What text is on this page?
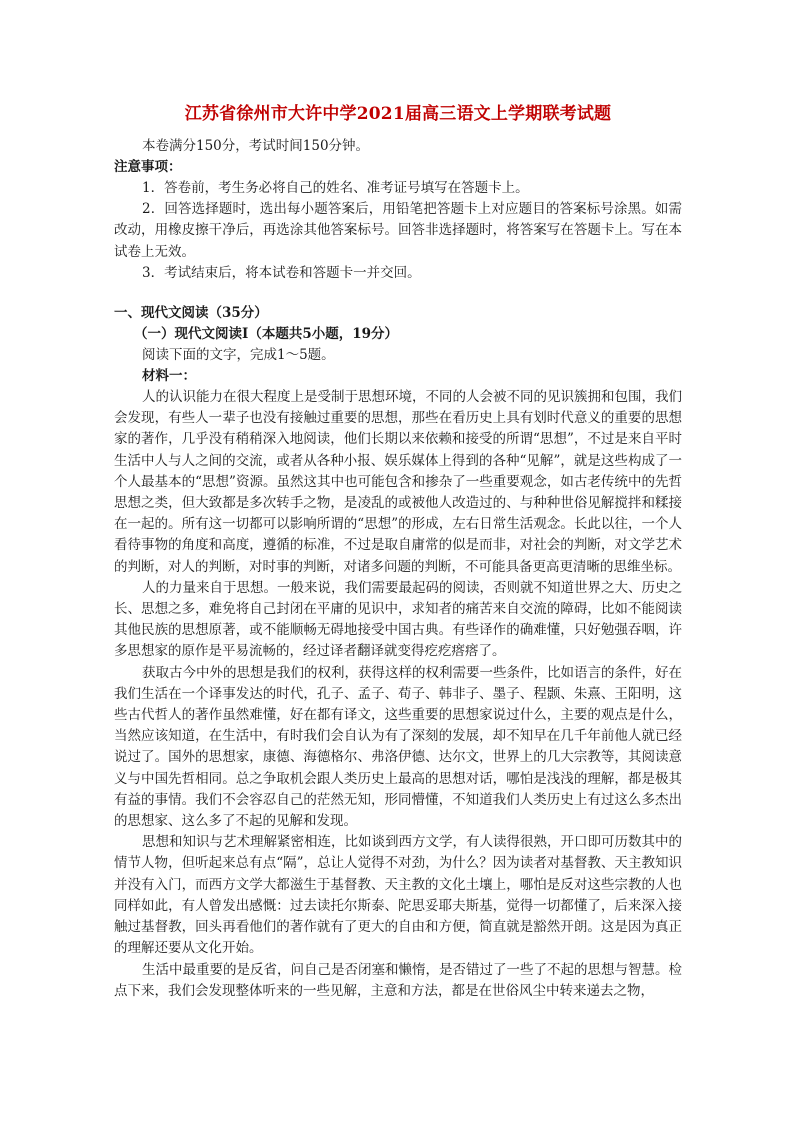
江苏省徐州市大许中学2021届高三语文上学期联考试题

本卷满分150分，考试时间150分钟。

注意事项：

1．答卷前，考生务必将自己的姓名、准考证号填写在答题卡上。

2．回答选择题时，选出每小题答案后，用铅笔把答题卡上对应题目的答案标号涂黑。如需改动，用橡皮擦干净后，再选涂其他答案标号。回答非选择题时，将答案写在答题卡上。写在本试卷上无效。

3．考试结束后，将本试卷和答题卡一并交回。

一、现代文阅读（35分）

（一）现代文阅读Ⅰ（本题共5小题，19分）

阅读下面的文字，完成1～5题。

材料一：

人的认识能力在很大程度上是受制于思想环境，不同的人会被不同的见识簇拥和包围，我们会发现，有些人一辈子也没有接触过重要的思想，那些在看历史上具有划时代意义的重要的思想家的著作，几乎没有稍稍深入地阅读，他们长期以来依赖和接受的所谓“思想”，不过是来自平时生活中人与人之间的交流，或者从各种小报、娱乐媒体上得到的各种“见解”，就是这些构成了一个人最基本的“思想”资源。虽然这其中也可能包含和掺杂了一些重要观念，如古老传统中的先哲思想之类，但大致都是多次转手之物，是凌乱的或被他人改造过的、与种种世俗见解搅拌和糅接在一起的。所有这一切都可以影响所谓的“思想”的形成，左右日常生活观念。长此以往，一个人看待事物的角度和高度，遵循的标准，不过是取自庸常的似是而非，对社会的判断，对文学艺术的判断，对人的判断，对时事的判断，对诸多问题的判断，不可能具备更高更清晰的思维坐标。

人的力量来自于思想。一般来说，我们需要最起码的阅读，否则就不知道世界之大、历史之长、思想之多，难免将自己封闭在平庸的见识中，求知者的痛苦来自交流的障碍，比如不能阅读其他民族的思想原著，或不能顺畅无碍地接受中国古典。有些译作的确难懂，只好勉强吞咽，许多思想家的原作是平易流畅的，经过译者翻译就变得疙疙瘩瘩了。

获取古今中外的思想是我们的权利，获得这样的权利需要一些条件，比如语言的条件，好在我们生活在一个译事发达的时代，孔子、孟子、荀子、韩非子、墨子、程颢、朱熹、王阳明，这些古代哲人的著作虽然难懂，好在都有译文，这些重要的思想家说过什么，主要的观点是什么，当然应该知道，在生活中，有时我们会自认为有了深刻的发展，却不知早在几千年前他人就已经说过了。国外的思想家，康德、海德格尔、弗洛伊德、达尔文，世界上的几大宗教等，其阅读意义与中国先哲相同。总之争取机会跟人类历史上最高的思想对话，哪怕是浅浅的理解，都是极其有益的事情。我们不会容忍自己的茫然无知，形同懵懂，不知道我们人类历史上有过这么多杰出的思想家、这么多了不起的见解和发现。

思想和知识与艺术理解紧密相连，比如谈到西方文学，有人读得很熟，开口即可历数其中的情节人物，但听起来总有点“隔”，总让人觉得不对劲，为什么？因为读者对基督教、天主教知识并没有入门，而西方文学大都滋生于基督教、天主教的文化土壤上，哪怕是反对这些宗教的人也同样如此，有人曾发出感慨：过去读托尔斯泰、陀思妥耶夫斯基，觉得一切都懂了，后来深入接触过基督教，回头再看他们的著作就有了更大的自由和方便，简直就是豁然开朗。这是因为真正的理解还要从文化开始。

生活中最重要的是反省，问自己是否闭塞和懒惰，是否错过了一些了不起的思想与智慧。检点下来，我们会发现整体听来的一些见解，主意和方法，都是在世俗风尘中转来递去之物，
